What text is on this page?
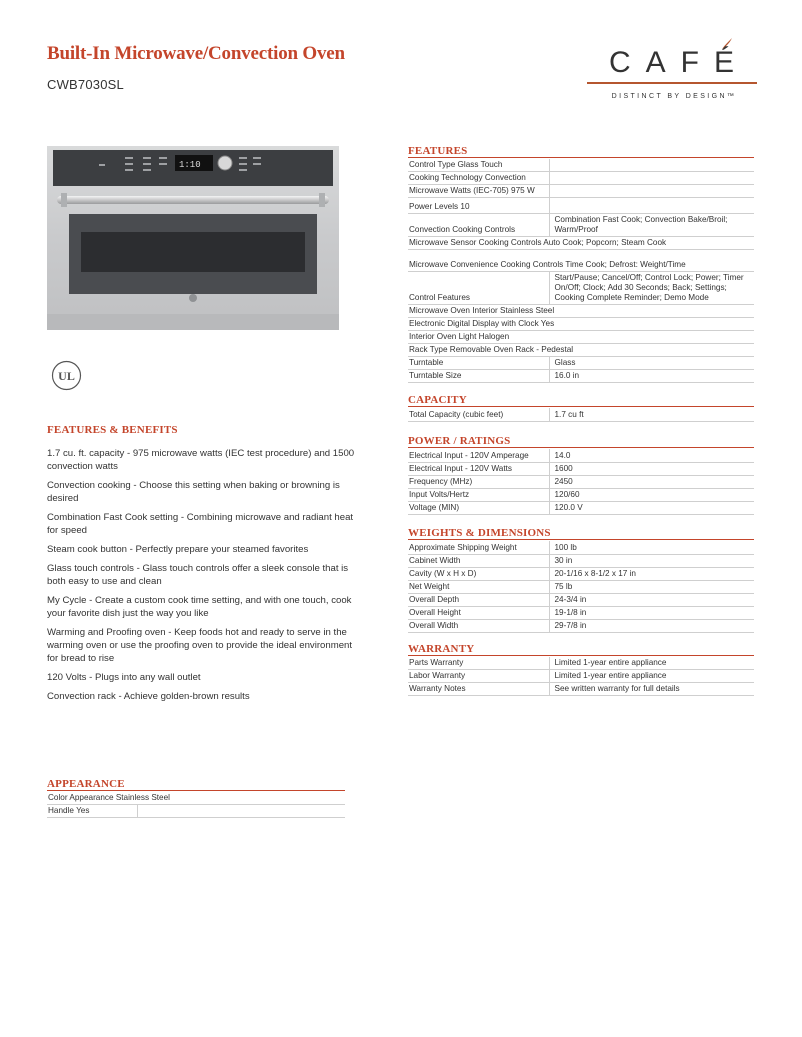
Built-In Microwave/Convection Oven
CWB7030SL
CAFÉ
DISTINCT BY DESIGN™
1:10
UL
FEATURES & BENEFITS
1.7 cu. ft. capacity - 975 microwave watts (IEC test procedure) and 1500 convection watts
Convection cooking - Choose this setting when baking or browning is desired
Combination Fast Cook setting - Combining microwave and radiant heat for speed
Steam cook button - Perfectly prepare your steamed favorites
Glass touch controls - Glass touch controls offer a sleek console that is both easy to use and clean
My Cycle - Create a custom cook time setting, and with one touch, cook your favorite dish just the way you like
Warming and Proofing oven - Keep foods hot and ready to serve in the warming oven or use the proofing oven to provide the ideal environment for bread to rise
120 Volts - Plugs into any wall outlet
Convection rack - Achieve golden-brown results
APPEARANCE
Color Appearance Stainless Steel	
Handle Yes	
FEATURES
Control Type Glass Touch	
Cooking Technology Convection	
Microwave Watts (IEC-705) 975 W	
Power Levels 10	
Convection Cooking Controls	Combination Fast Cook; Convection Bake/Broil; Warm/Proof
Microwave Sensor Cooking Controls Auto Cook; Popcorn; Steam Cook	
Microwave Convenience Cooking Controls Time Cook; Defrost: Weight/Time	
Control Features	Start/Pause; Cancel/Off; Control Lock; Power; Timer On/Off; Clock; Add 30 Seconds; Back; Settings; Cooking Complete Reminder; Demo Mode
Microwave Oven Interior Stainless Steel	
Electronic Digital Display with Clock Yes	
Interior Oven Light Halogen	
Rack Type Removable Oven Rack - Pedestal	
Turntable	Glass
Turntable Size	16.0 in
CAPACITY
Total Capacity (cubic feet)	1.7 cu ft
POWER / RATINGS
Electrical Input - 120V Amperage	14.0
Electrical Input - 120V Watts	1600
Frequency (MHz)	2450
Input Volts/Hertz	120/60
Voltage (MIN)	120.0 V
WEIGHTS & DIMENSIONS
Approximate Shipping Weight	100 lb
Cabinet Width	30 in
Cavity (W x H x D)	20-1/16 x 8-1/2 x 17 in
Net Weight	75 lb
Overall Depth	24-3/4 in
Overall Height	19-1/8 in
Overall Width	29-7/8 in
WARRANTY
Parts Warranty	Limited 1-year entire appliance
Labor Warranty	Limited 1-year entire appliance
Warranty Notes	See written warranty for full details
